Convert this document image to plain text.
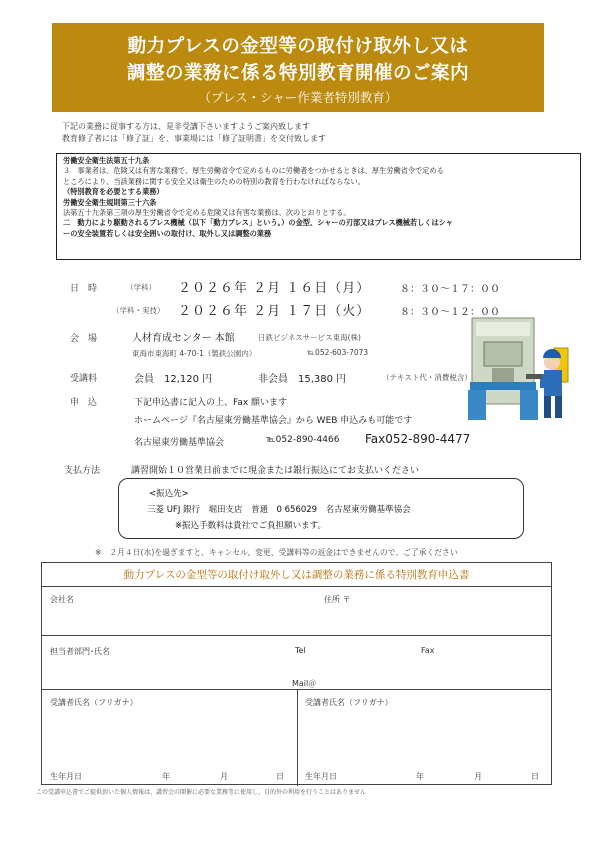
動力プレスの金型等の取付け取外し又は
調整の業務に係る特別教育開催のご案内
（プレス・シャー作業者特別教育）
下記の業務に従事する方は、是非受講下さいますようご案内致します
教育修了者には「修了証」を、事業場には「修了証明書」を交付致します
労働安全衛生法第五十九条
３　事業者は、危険又は有害な業務で、厚生労働省令で定めるものに労働者をつかせるときは、厚生労働省令で定める
ところにより、当該業務に関する安全又は衛生のための特別の教育を行わなければならない。
（特別教育を必要とする業務）
労働安全衛生規則第三十六条
法第五十九条第三項の厚生労働省令で定める危険又は有害な業務は、次のとおりとする。
二　動力により駆動されるプレス機械（以下「動力プレス」という。）の金型、シャーの刃部又はプレス機械若しくはシャ
ーの安全装置若しくは安全囲いの取付け、取外し又は調整の業務
日　時	（学科） ２０２６年 ２月 １６日（月）	８：３０～１７：００
（学科・実技） ２０２６年 ２月 １７日（火）	８：３０～１２：００
会　場	人材育成センター 本館	日鉄ビジネスサービス東海(株)
東海市東海町 4-70-1（製鉄公園内）	℡052-603-7073
受講料	会員　12,120 円	非会員　15,380 円	（テキスト代・消費税含）
申　込	下記申込書に記入の上、Fax 願います
ホームページ『名古屋東労働基準協会』から WEB 申込みも可能です
名古屋東労働基準協会	℡052-890-4466 Fax052-890-4477
支払方法	講習開始１０営業日前までに現金または銀行振込にてお支払いください
<振込先>
三菱 UFJ 銀行　堀田支店　普通　0 656029　名古屋東労働基準協会
※振込手数料は貴社でご負担願います。
※　２月４日(水)を過ぎますと、キャンセル、変更、受講料等の返金はできませんので、ご了承ください
動力プレスの金型等の取付け取外し又は調整の業務に係る特別教育申込書
会社名	住所 〒
担当者部門･氏名	Tel	Fax
Mail＠
受講者氏名（フリガナ）	受講者氏名（フリガナ）
生年月日	年	月	日	生年月日	年	月	日
この受講申込書でご提供頂いた個人情報は、講習会の開催に必要な業務等に使用し、目的外の利用を行うことはありません
